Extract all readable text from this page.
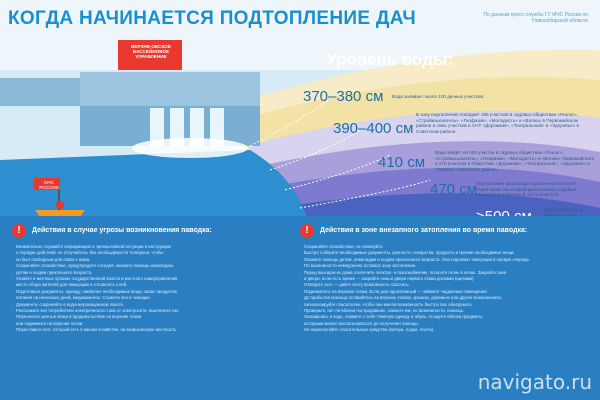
КОГДА НАЧИНАЕТСЯ ПОДТОПЛЕНИЕ ДАЧ	По данным пресс-службы ГУ МЧС России по Новосибирской области
ВЕРХНЕ-ОБСКОЕ БАССЕЙНОВОЕ УПРАВЛЕНИЕ
МЧС РОССИИ
Уровень воды:
370–380 см Вода заливает около 100 дачных участков.
390–400 см
В зону подтопления попадает 195 участков в садовых обществах «Геолог», «Стройизыскатель», «Геофизик», «Молодость» и «Волна» в Первомайском районе и семь участков в СНТ «Дорожник», «Театральный» и «Здоровье» в Советском районе.
410 см
Вода зайдёт на 304 участка в садовых обществах «Геолог», «Стройизыскатель», «Геофизик», «Молодость» и «Волна» Первомайского и 270 участков в обществах «Дорожник», «Театральный», «Здоровье» и «Тулина» Советского района
470 см
Подтопление происходит практически по всей территории, на которой расположены садовые общества в пойменной части реки Обь.
Вода доберётся до
!	Действия в случае угрозы возникновения паводка:
· Внимательно слушайте информацию о чрезвычайной ситуации и инструкции
· о порядке действий, не отлучайтесь без необходимости телефона, чтобы
· он был свободным для связи с вами.
· Сохраняйте спокойствие, предупредите соседей, окажите помощь инвалидам,
· детям и людям преклонного возраста.
· Узнайте в местных органах государственной власти и местного самоуправления
· место сбора жителей для эвакуации и готовьтесь к ней.
· Подготовьте документы, одежду, наиболее необходимые вещи, запас продуктов
· питания на несколько дней, медикаменты. Сложите все в чемодан.
· Документы сохраняйте в водонепроницаемом пакете.
· Расскажите все потребители электрического тока от электросети, выключите газ.
· Перенесите ценные вещи и продовольствие на верхние этажи
· или поднимите на верхние полки.
· Переставьте скот, который есть в вашем хозяйстве, на возвышенную местность.
!	Действия в зоне внезапного затопления во время паводка:
· Сохраняйте спокойствие, не паникуйте.
· Быстро соберите необходимые документы, ценности, лекарства, продукты и прочие необходимые вещи.
· Окажите помощь детям, инвалидам и людям преклонного возраста. Они подлежат эвакуации в первую очередь.
· По возможности немедленно оставьте зону затопления.
· Перед выходом из дома отключите электро- и газоснабжение, погасите огонь в печах. Закройте окна
· и двери, если есть время — закройте окна и двери первого этажа досками (щитами).
· Отведите скот — дайте скоту возможность спастись.
· Поднимитесь на верхние этажи. Если дом одноэтажный — займите чердачные помещения.
· До прибытия помощи оставайтесь на верхних этажах, крышах, деревьях или других возвышениях,
· сигнализируйте спасателям, чтобы они имели возможность быстро вас обнаружить.
· Проверьте, нет ли вблизи пострадавших, окажите им, по возможности, помощь.
· Оказавшись в воде, снимите с себя тяжёлую одежду и обувь, отыщите вблизи предметы,
· которыми можно воспользоваться до получения помощи.
· Не переполняйте спасательные средства (катера, лодки, плоты).
navigato.ru
